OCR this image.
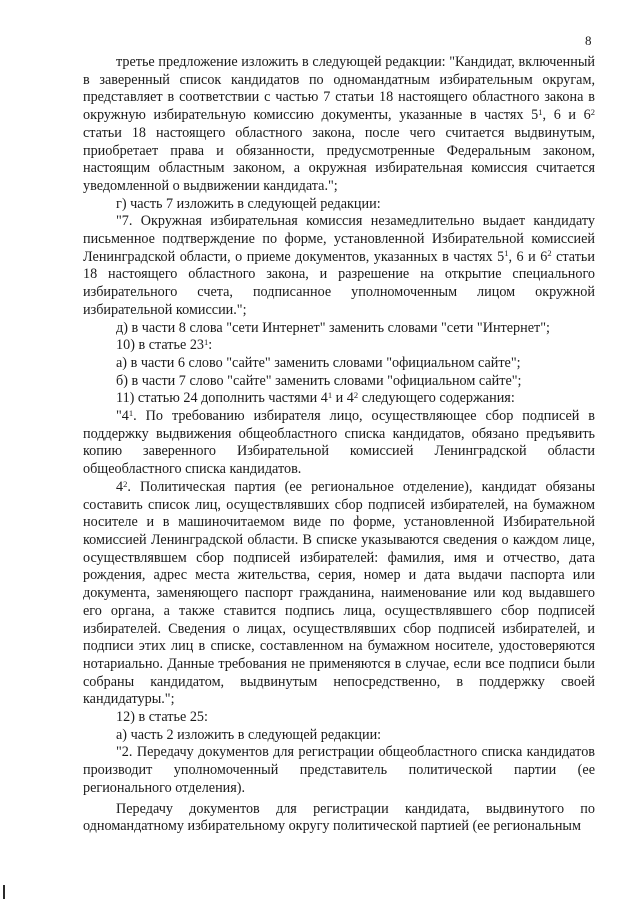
8

третье предложение изложить в следующей редакции: "Кандидат, включенный в заверенный список кандидатов по одномандатным избирательным округам, представляет в соответствии с частью 7 статьи 18 настоящего областного закона в окружную избирательную комиссию документы, указанные в частях $5^1$, 6 и $6^2$ статьи 18 настоящего областного закона, после чего считается выдвинутым, приобретает права и обязанности, предусмотренные Федеральным законом, настоящим областным законом, а окружная избирательная комиссия считается уведомленной о выдвижении кандидата.";

г) часть 7 изложить в следующей редакции:

"7. Окружная избирательная комиссия незамедлительно выдает кандидату письменное подтверждение по форме, установленной Избирательной комиссией Ленинградской области, о приеме документов, указанных в частях $5^1$, 6 и $6^2$ статьи 18 настоящего областного закона, и разрешение на открытие специального избирательного счета, подписанное уполномоченным лицом окружной избирательной комиссии.";

д) в части 8 слова "сети Интернет" заменить словами "сети "Интернет";

10) в статье $23^1$:

а) в части 6 слово "сайте" заменить словами "официальном сайте";

б) в части 7 слово "сайте" заменить словами "официальном сайте";

11) статью 24 дополнить частями $4^1$ и $4^2$ следующего содержания:

"$4^1$. По требованию избирателя лицо, осуществляющее сбор подписей в поддержку выдвижения общеобластного списка кандидатов, обязано предъявить копию заверенного Избирательной комиссией Ленинградской области общеобластного списка кандидатов.

$4^2$. Политическая партия (ее региональное отделение), кандидат обязаны составить список лиц, осуществлявших сбор подписей избирателей, на бумажном носителе и в машиночитаемом виде по форме, установленной Избирательной комиссией Ленинградской области. В списке указываются сведения о каждом лице, осуществлявшем сбор подписей избирателей: фамилия, имя и отчество, дата рождения, адрес места жительства, серия, номер и дата выдачи паспорта или документа, заменяющего паспорт гражданина, наименование или код выдавшего его органа, а также ставится подпись лица, осуществлявшего сбор подписей избирателей. Сведения о лицах, осуществлявших сбор подписей избирателей, и подписи этих лиц в списке, составленном на бумажном носителе, удостоверяются нотариально. Данные требования не применяются в случае, если все подписи были собраны кандидатом, выдвинутым непосредственно, в поддержку своей кандидатуры.";

12) в статье 25:

а) часть 2 изложить в следующей редакции:

"2. Передачу документов для регистрации общеобластного списка кандидатов производит уполномоченный представитель политической партии (ее регионального отделения).

Передачу документов для регистрации кандидата, выдвинутого по одномандатному избирательному округу политической партией (ее региональным
